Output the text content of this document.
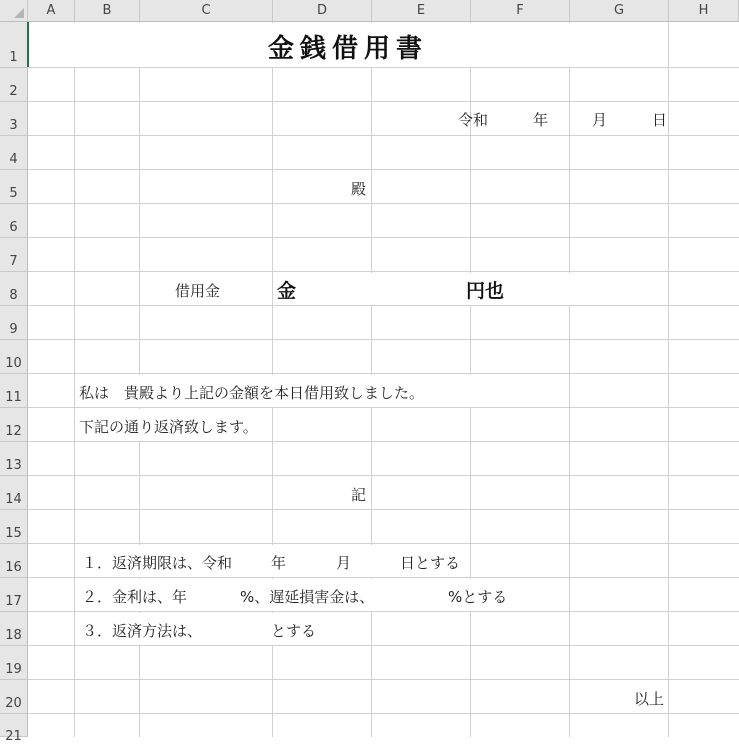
A	B	C	D	E	F	G	H
1
2
3
4
5
6
7
8
9
10
11
12
13
14
15
16
17
18
19
20
21
金銭借用書
令和	年	月	日
殿
借用金	金	円也
私は　貴殿より上記の金額を本日借用致しました。
下記の通り返済致します。
記
１．返済期限は、令和	年	月	日とする
２．金利は、年	%、遅延損害金は、	%とする
３．返済方法は、	とする
以上
